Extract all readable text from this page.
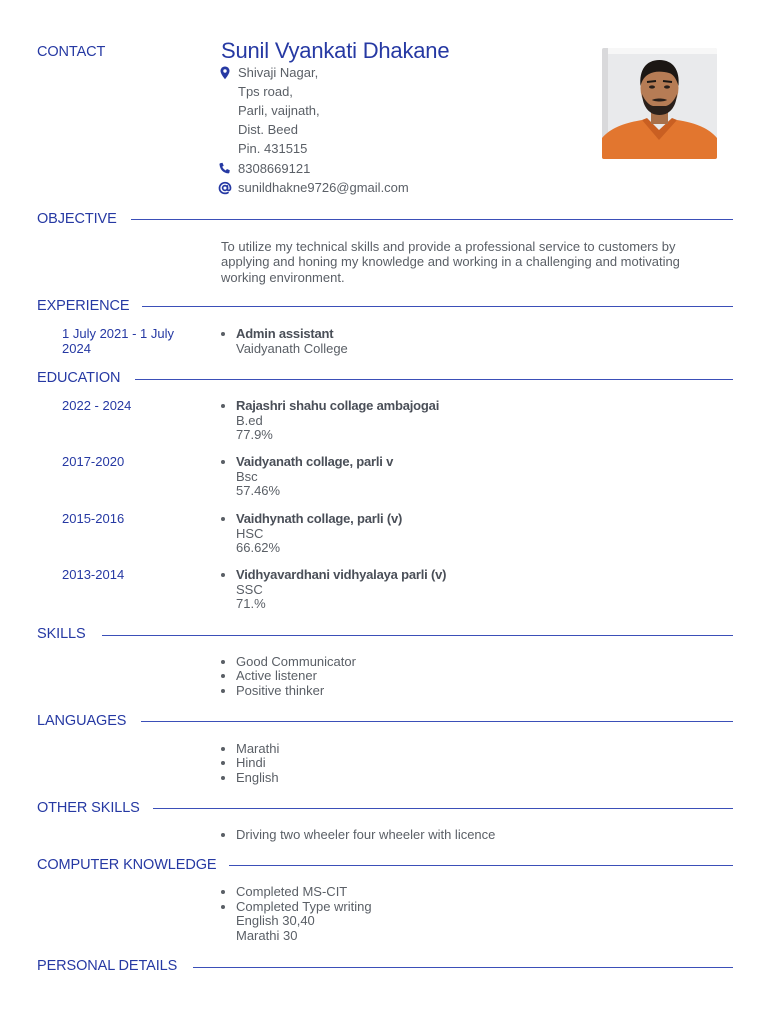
CONTACT	Sunil Vyankati Dhakane
Shivaji Nagar,
Tps road,
Parli, vaijnath,
Dist. Beed
Pin. 431515
8308669121
sunildhakne9726@gmail.com
OBJECTIVE
To utilize my technical skills and provide a professional service to customers by applying and honing my knowledge and working in a challenging and motivating working environment.
EXPERIENCE
1 July 2021 - 1 July
2024
Admin assistant
Vaidyanath College
EDUCATION
2022 - 2024	Rajashri shahu collage ambajogai
B.ed
77.9%
2017-2020	Vaidyanath collage, parli v
Bsc
57.46%
2015-2016	Vaidhynath collage, parli (v)
HSC
66.62%
2013-2014	Vidhyavardhani vidhyalaya parli (v)
SSC
71.%
SKILLS
Good Communicator
Active listener
Positive thinker
LANGUAGES
Marathi
Hindi
English
OTHER SKILLS
Driving two wheeler four wheeler with licence
COMPUTER KNOWLEDGE
Completed MS-CIT
Completed Type writing
English 30,40
Marathi 30
PERSONAL DETAILS
